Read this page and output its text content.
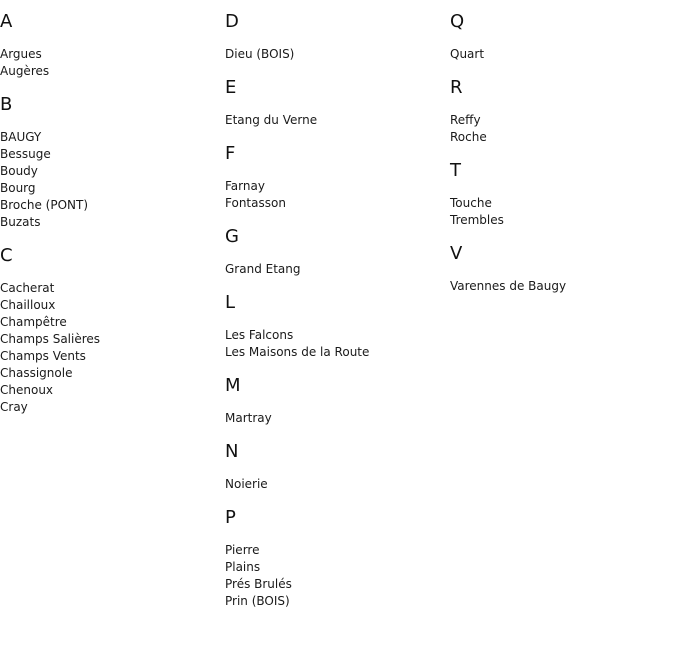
A
Argues
Augères
B
BAUGY
Bessuge
Boudy
Bourg
Broche (PONT)
Buzats
C
Cacherat
Chailloux
Champêtre
Champs Salières
Champs Vents
Chassignole
Chenoux
Cray
D
Dieu (BOIS)
E
Etang du Verne
F
Farnay
Fontasson
G
Grand Etang
L
Les Falcons
Les Maisons de la Route
M
Martray
N
Noierie
P
Pierre
Plains
Prés Brulés
Prin (BOIS)
Q
Quart
R
Reffy
Roche
T
Touche
Trembles
V
Varennes de Baugy
